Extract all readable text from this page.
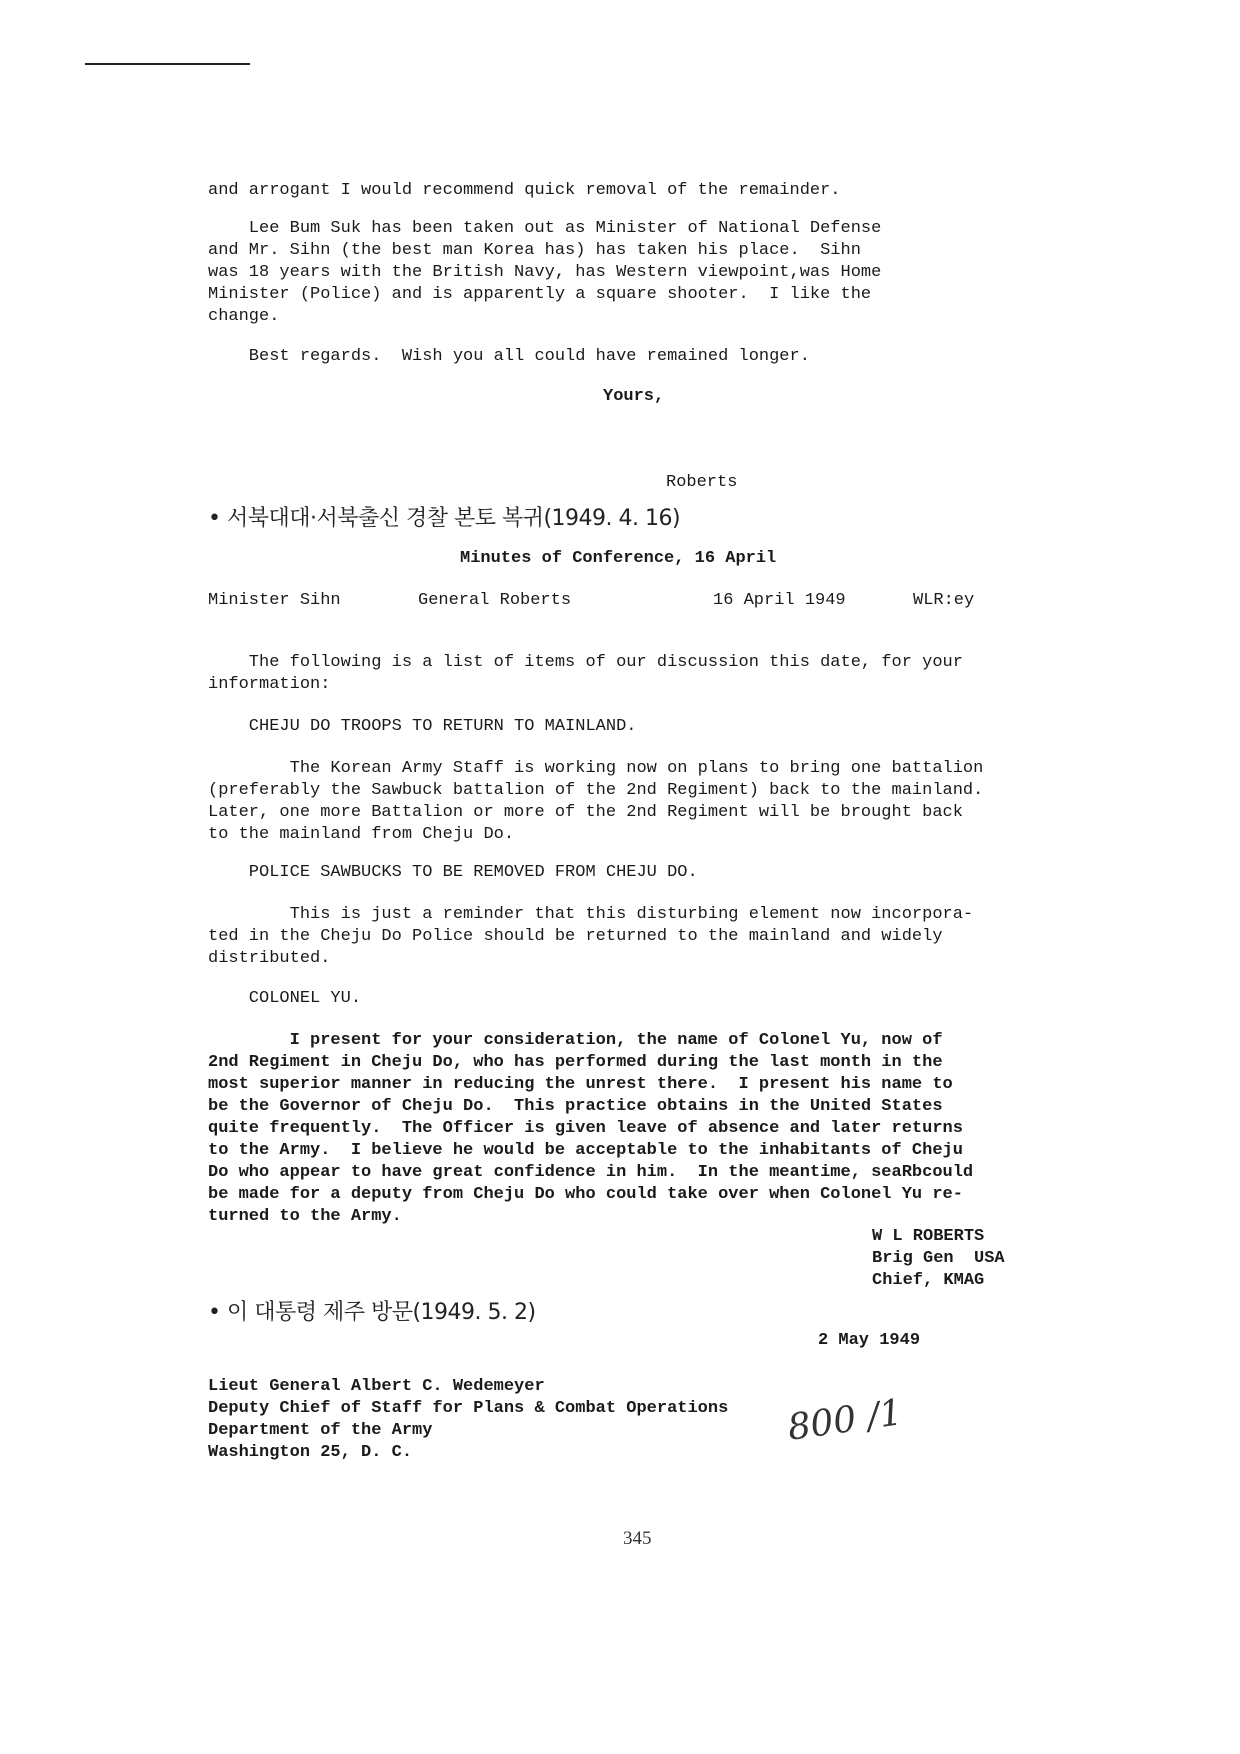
and arrogant I would recommend quick removal of the remainder.
Lee Bum Suk has been taken out as Minister of National Defense
and Mr. Sihn (the best man Korea has) has taken his place.  Sihn
was 18 years with the British Navy, has Western viewpoint,was Home
Minister (Police) and is apparently a square shooter.  I like the
change.
Best regards.  Wish you all could have remained longer.
Yours,
Roberts
• 서북대대·서북출신 경찰 본토 복귀(1949. 4. 16)
Minutes of Conference, 16 April
Minister Sihn	General Roberts	16 April 1949	WLR:ey
The following is a list of items of our discussion this date, for your
information:
CHEJU DO TROOPS TO RETURN TO MAINLAND.
The Korean Army Staff is working now on plans to bring one battalion
(preferably the Sawbuck battalion of the 2nd Regiment) back to the mainland.
Later, one more Battalion or more of the 2nd Regiment will be brought back
to the mainland from Cheju Do.
POLICE SAWBUCKS TO BE REMOVED FROM CHEJU DO.
This is just a reminder that this disturbing element now incorpora-
ted in the Cheju Do Police should be returned to the mainland and widely
distributed.
COLONEL YU.
I present for your consideration, the name of Colonel Yu, now of
2nd Regiment in Cheju Do, who has performed during the last month in the
most superior manner in reducing the unrest there.  I present his name to
be the Governor of Cheju Do.  This practice obtains in the United States
quite frequently.  The Officer is given leave of absence and later returns
to the Army.  I believe he would be acceptable to the inhabitants of Cheju
Do who appear to have great confidence in him.  In the meantime, seaRbcould
be made for a deputy from Cheju Do who could take over when Colonel Yu re-
turned to the Army.
W L ROBERTS
Brig Gen  USA
Chief, KMAG
• 이 대통령 제주 방문(1949. 5. 2)
2 May 1949
Lieut General Albert C. Wedemeyer
Deputy Chief of Staff for Plans & Combat Operations
Department of the Army
Washington 25, D. C.
800 /1
345
